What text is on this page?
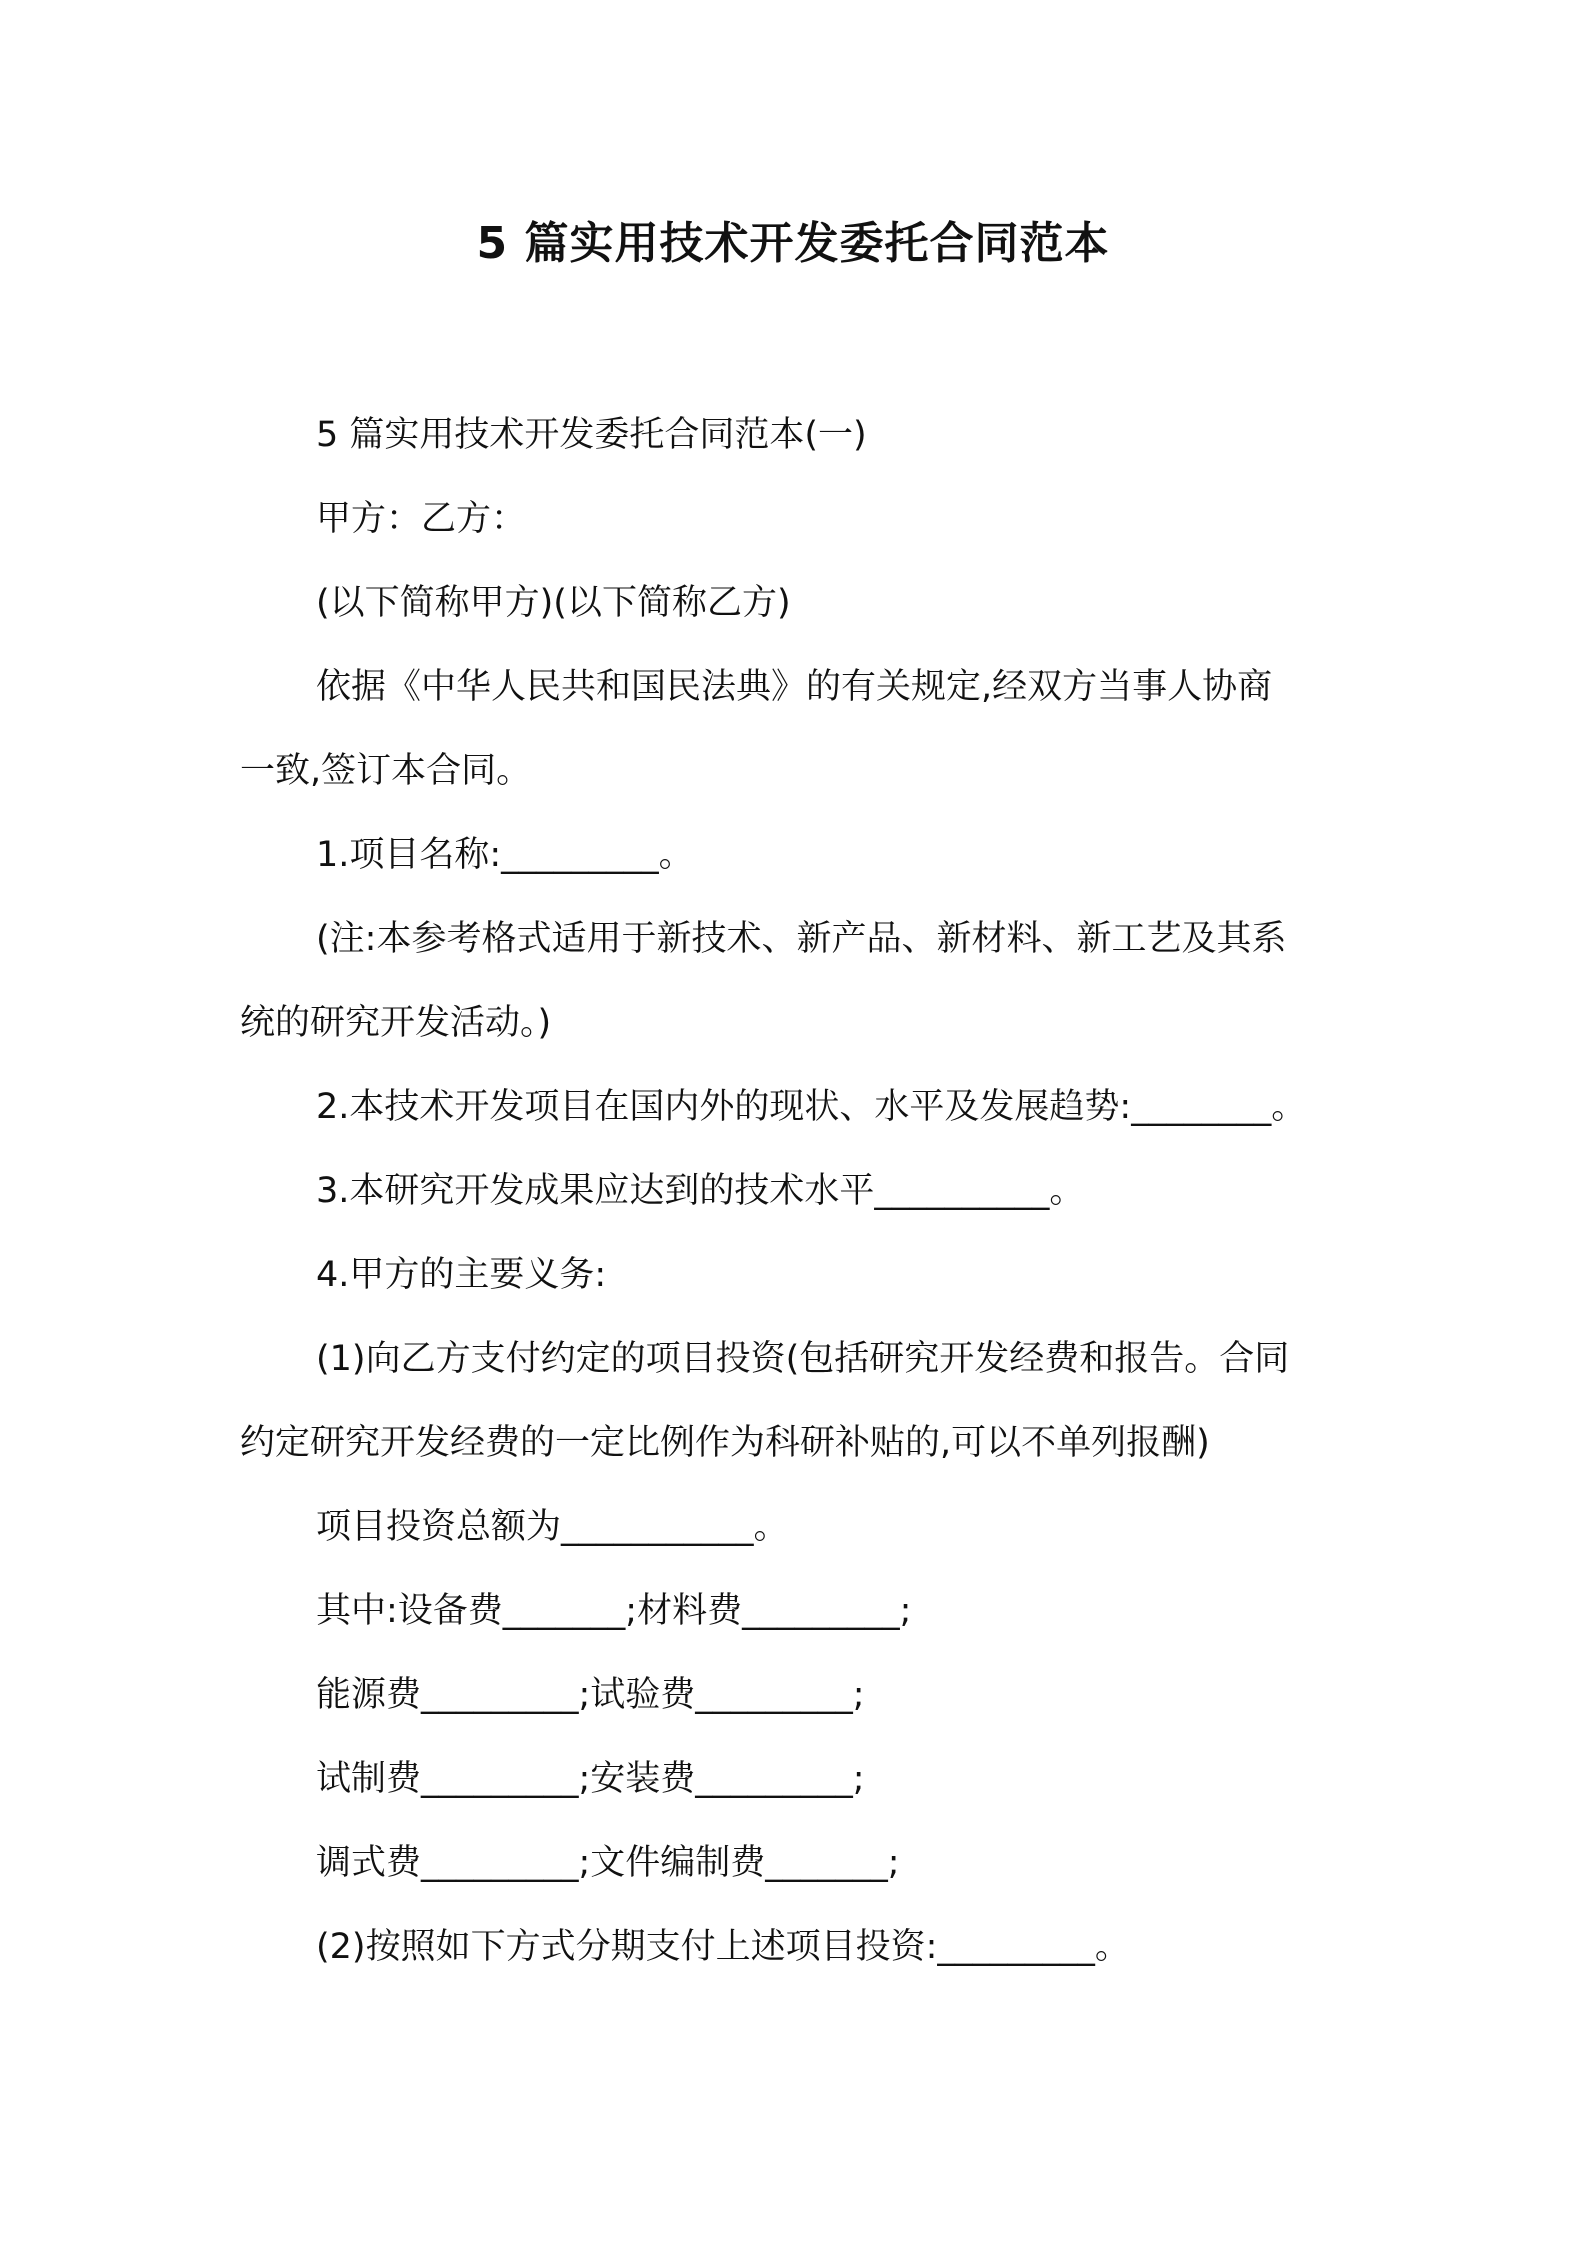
5 篇实用技术开发委托合同范本
5 篇实用技术开发委托合同范本(一)
甲方：乙方：
(以下简称甲方)(以下简称乙方)
依据《中华人民共和国民法典》的有关规定,经双方当事人协商
一致,签订本合同。
1.项目名称:_________。
(注:本参考格式适用于新技术、新产品、新材料、新工艺及其系
统的研究开发活动。)
2.本技术开发项目在国内外的现状、水平及发展趋势:________。
3.本研究开发成果应达到的技术水平__________。
4.甲方的主要义务:
(1)向乙方支付约定的项目投资(包括研究开发经费和报告。合同
约定研究开发经费的一定比例作为科研补贴的,可以不单列报酬)
项目投资总额为___________。
其中:设备费_______;材料费_________;
能源费_________;试验费_________;
试制费_________;安装费_________;
调式费_________;文件编制费_______;
(2)按照如下方式分期支付上述项目投资:_________。
